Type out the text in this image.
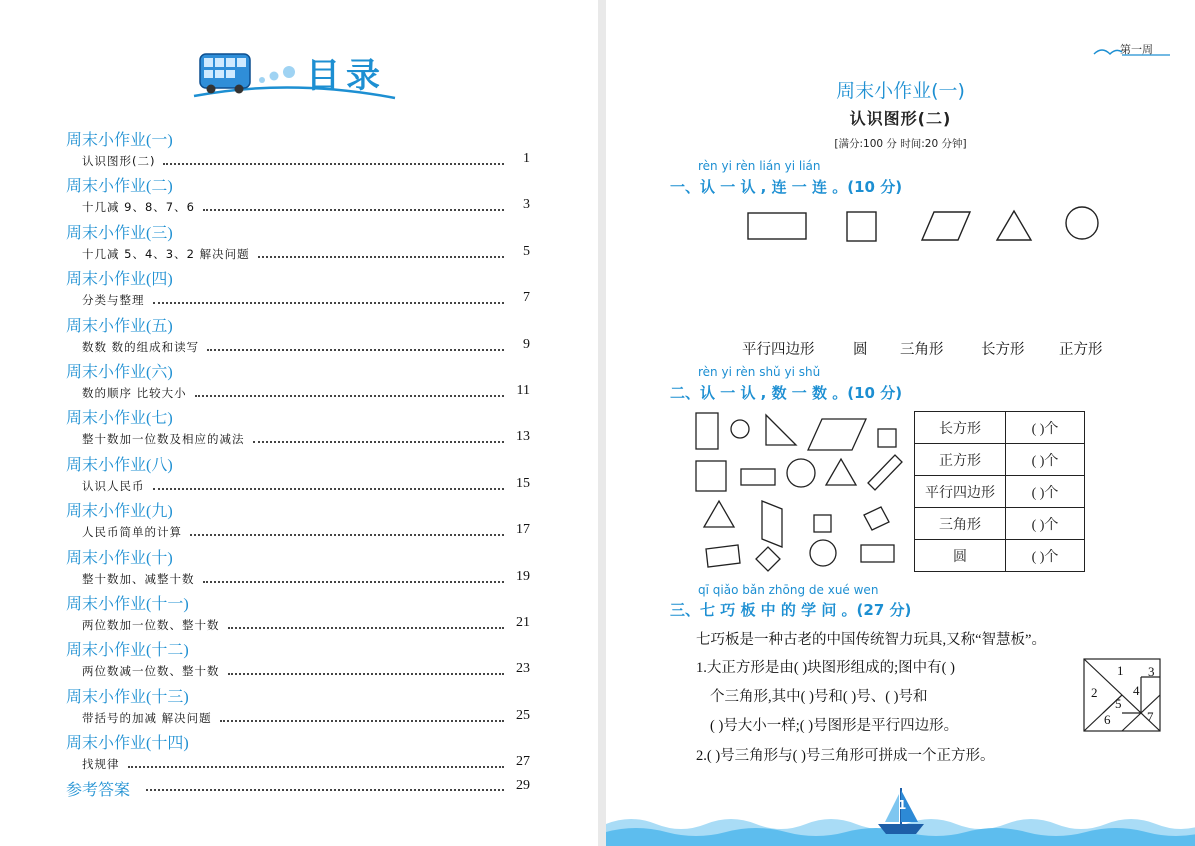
目录
周末小作业(一)
认识图形(二)	1
周末小作业(二)
十几减 9、8、7、6	3
周末小作业(三)
十几减 5、4、3、2 解决问题	5
周末小作业(四)
分类与整理	7
周末小作业(五)
数数 数的组成和读写	9
周末小作业(六)
数的顺序 比较大小	11
周末小作业(七)
整十数加一位数及相应的减法	13
周末小作业(八)
认识人民币	15
周末小作业(九)
人民币简单的计算	17
周末小作业(十)
整十数加、减整十数	19
周末小作业(十一)
两位数加一位数、整十数	21
周末小作业(十二)
两位数减一位数、整十数	23
周末小作业(十三)
带括号的加减 解决问题	25
周末小作业(十四)
找规律	27
参考答案	29
第一周
周末小作业(一)
认识图形(二)
[满分:100 分 时间:20 分钟]
rèn yi rèn lián yi lián
一、认 一 认 , 连 一 连 。(10 分)
平行四边形	圆 三角形	长方形 正方形
rèn yi rèn shǔ yi shǔ
二、认 一 认 , 数 一 数 。(10 分)
长方形	( )个
正方形	( )个
平行四边形	( )个
三角形	( )个
圆	( )个
qī qiǎo bǎn zhōng de xué wen
三、七 巧 板 中 的 学 问 。(27 分)
七巧板是一种古老的中国传统智力玩具,又称“智慧板”。
1.大正方形是由( )块图形组成的;图中有( )
个三角形,其中( )号和( )号、( )号和
( )号大小一样;( )号图形是平行四边形。
2.( )号三角形与( )号三角形可拼成一个正方形。
1
2
3
4
5
6	7
1
